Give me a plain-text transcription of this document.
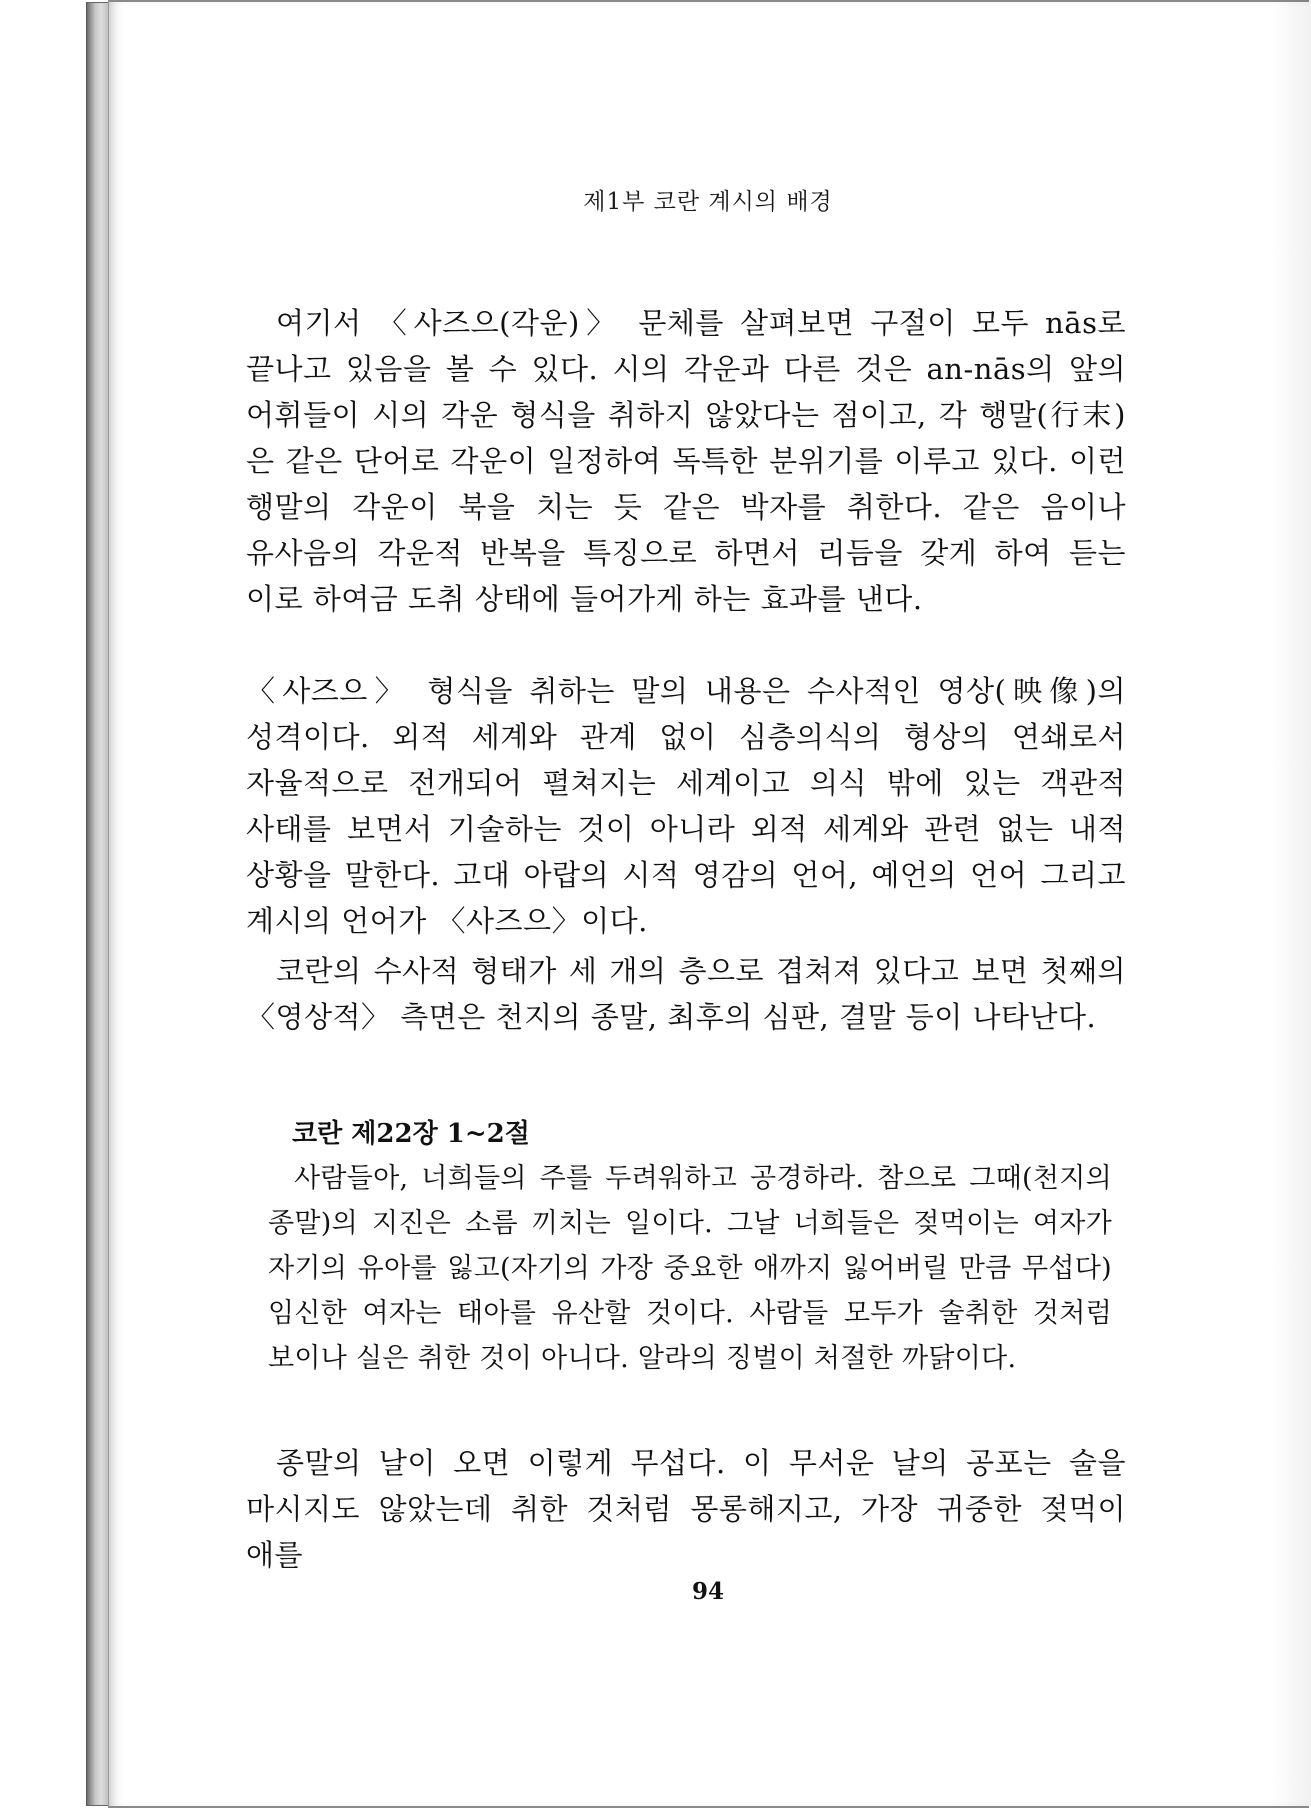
제1부 코란 계시의 배경
여기서 〈사즈으(각운)〉 문체를 살펴보면 구절이 모두 nās로 끝나고 있음을 볼 수 있다. 시의 각운과 다른 것은 an-nās의 앞의 어휘들이 시의 각운 형식을 취하지 않았다는 점이고, 각 행말(行末)은 같은 단어로 각운이 일정하여 독특한 분위기를 이루고 있다. 이런 행말의 각운이 북을 치는 듯 같은 박자를 취한다. 같은 음이나 유사음의 각운적 반복을 특징으로 하면서 리듬을 갖게 하여 듣는 이로 하여금 도취 상태에 들어가게 하는 효과를 낸다.
〈사즈으〉 형식을 취하는 말의 내용은 수사적인 영상(映像)의 성격이다. 외적 세계와 관계 없이 심층의식의 형상의 연쇄로서 자율적으로 전개되어 펼쳐지는 세계이고 의식 밖에 있는 객관적 사태를 보면서 기술하는 것이 아니라 외적 세계와 관련 없는 내적 상황을 말한다. 고대 아랍의 시적 영감의 언어, 예언의 언어 그리고 계시의 언어가 〈사즈으〉이다.
코란의 수사적 형태가 세 개의 층으로 겹쳐져 있다고 보면 첫째의 〈영상적〉 측면은 천지의 종말, 최후의 심판, 결말 등이 나타난다.
코란 제22장 1~2절
사람들아, 너희들의 주를 두려워하고 공경하라. 참으로 그때(천지의 종말)의 지진은 소름 끼치는 일이다. 그날 너희들은 젖먹이는 여자가 자기의 유아를 잃고(자기의 가장 중요한 애까지 잃어버릴 만큼 무섭다) 임신한 여자는 태아를 유산할 것이다. 사람들 모두가 술취한 것처럼 보이나 실은 취한 것이 아니다. 알라의 징벌이 처절한 까닭이다.
종말의 날이 오면 이렇게 무섭다. 이 무서운 날의 공포는 술을 마시지도 않았는데 취한 것처럼 몽롱해지고, 가장 귀중한 젖먹이 애를
94
